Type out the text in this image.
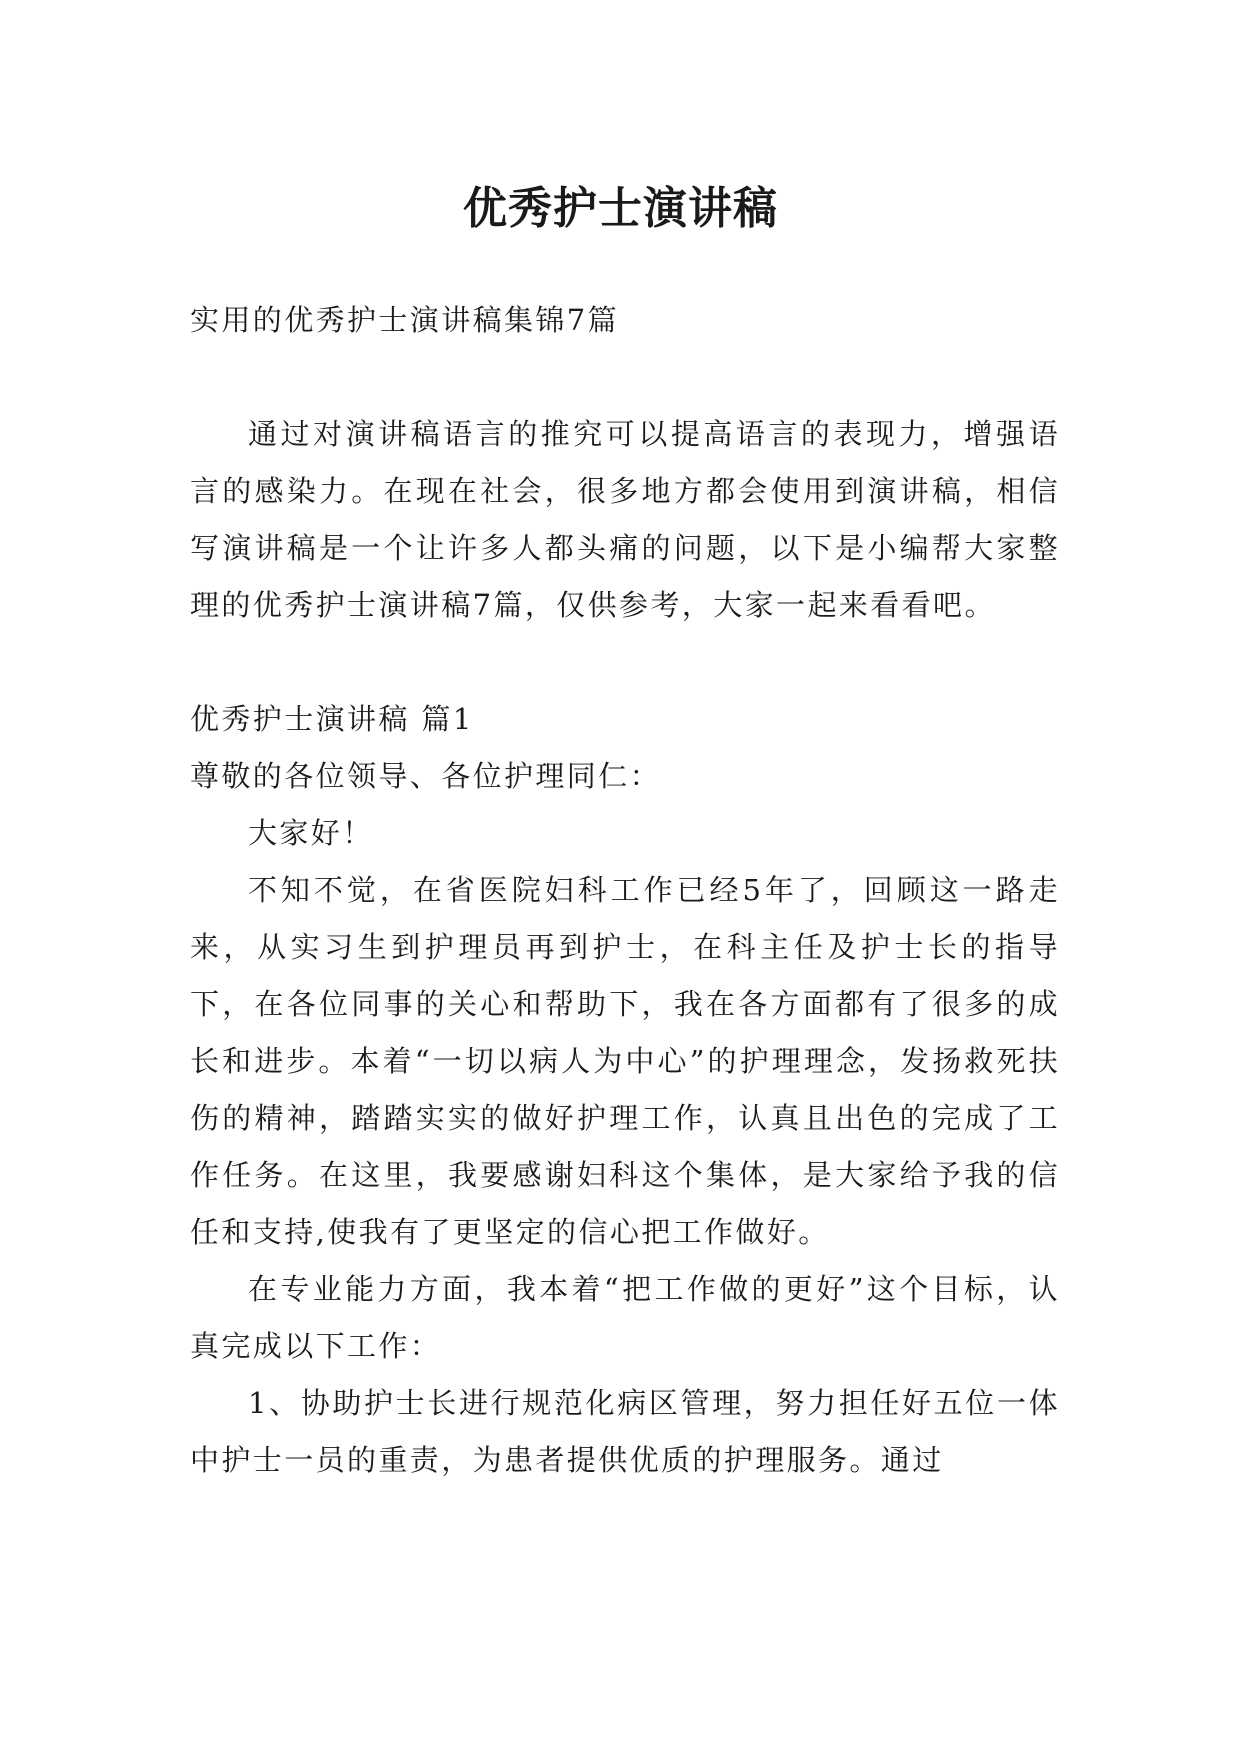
优秀护士演讲稿

实用的优秀护士演讲稿集锦7篇

通过对演讲稿语言的推究可以提高语言的表现力，增强语言的感染力。在现在社会，很多地方都会使用到演讲稿，相信写演讲稿是一个让许多人都头痛的问题，以下是小编帮大家整理的优秀护士演讲稿7篇，仅供参考，大家一起来看看吧。

优秀护士演讲稿 篇1

尊敬的各位领导、各位护理同仁：

大家好！

不知不觉，在省医院妇科工作已经5年了，回顾这一路走来，从实习生到护理员再到护士，在科主任及护士长的指导下，在各位同事的关心和帮助下，我在各方面都有了很多的成长和进步。本着“一切以病人为中心”的护理理念，发扬救死扶伤的精神，踏踏实实的做好护理工作，认真且出色的完成了工作任务。在这里，我要感谢妇科这个集体，是大家给予我的信任和支持,使我有了更坚定的信心把工作做好。

在专业能力方面，我本着“把工作做的更好”这个目标，认真完成以下工作：

1、协助护士长进行规范化病区管理，努力担任好五位一体中护士一员的重责，为患者提供优质的护理服务。通过
